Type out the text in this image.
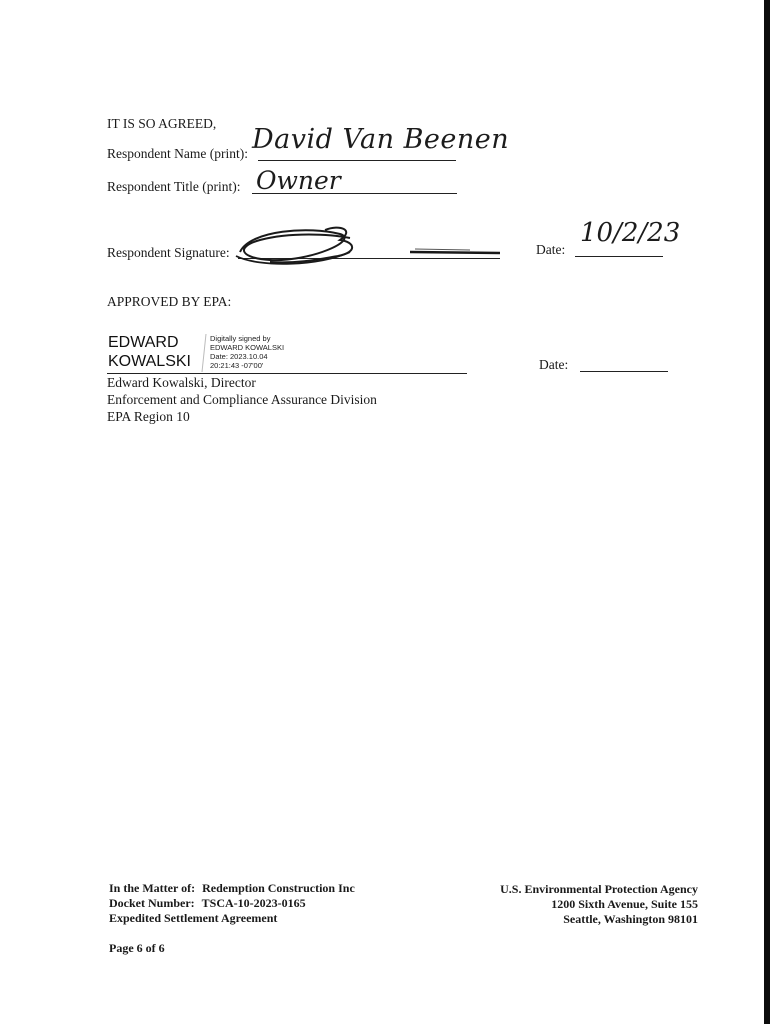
IT IS SO AGREED,
Respondent Name (print): David Van Beenen
Respondent Title (print): Owner
Respondent Signature:	Date:
10/2/23
APPROVED BY EPA:
EDWARD
KOWALSKI
Digitally signed by
EDWARD KOWALSKI
Date: 2023.10.04
20:21:43 -07'00'	Date:
Edward Kowalski, Director
Enforcement and Compliance Assurance Division
EPA Region 10
In the Matter of: Redemption Construction Inc
Docket Number: TSCA-10-2023-0165
Expedited Settlement Agreement
U.S. Environmental Protection Agency
1200 Sixth Avenue, Suite 155
Seattle, Washington 98101
Page 6 of 6
